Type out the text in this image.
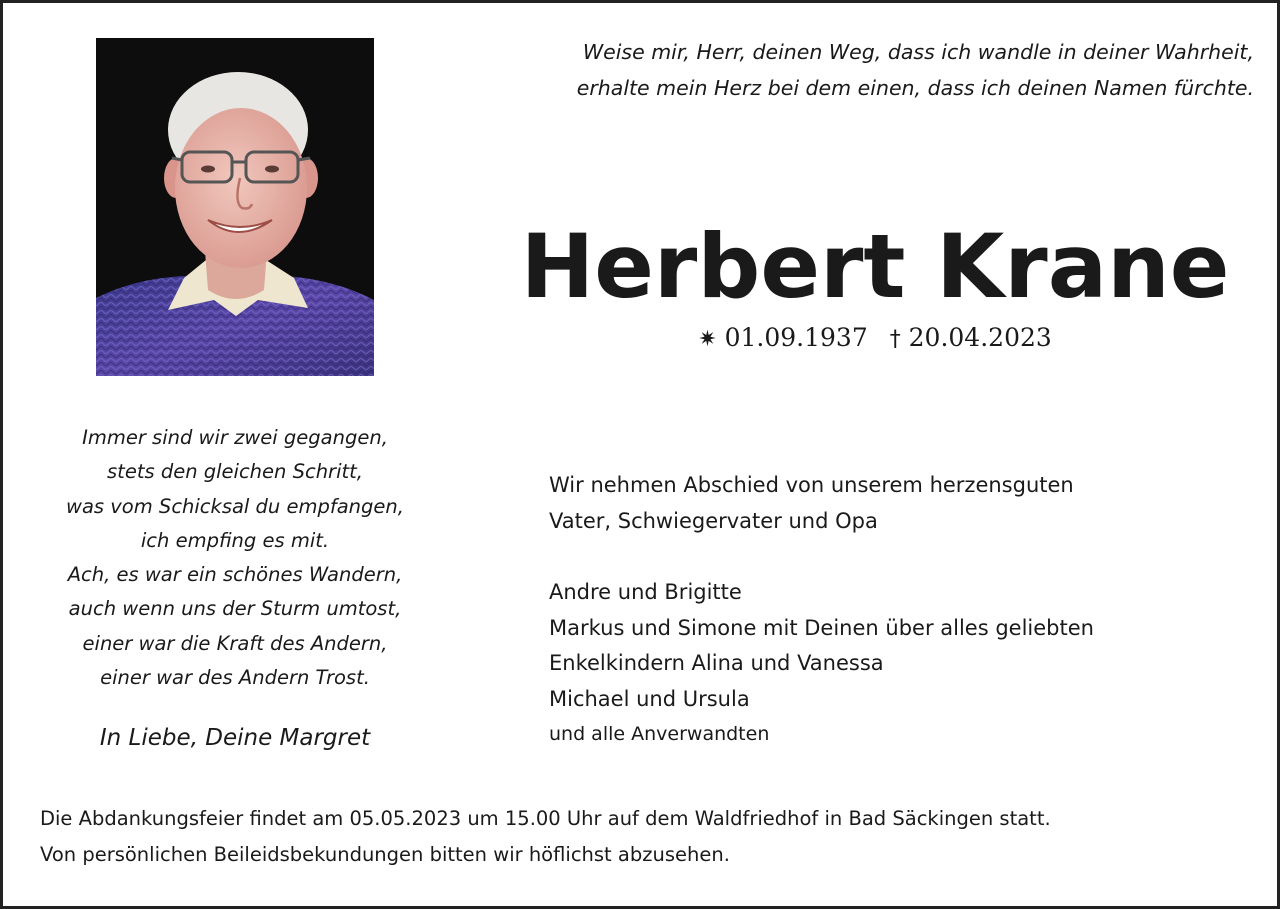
Weise mir, Herr, deinen Weg, dass ich wandle in deiner Wahrheit,
erhalte mein Herz bei dem einen, dass ich deinen Namen fürchte.
Herbert Krane
✷ 01.09.1937 † 20.04.2023
Immer sind wir zwei gegangen,
stets den gleichen Schritt,
was vom Schicksal du empfangen,
ich empfing es mit.
Ach, es war ein schönes Wandern,
auch wenn uns der Sturm umtost,
einer war die Kraft des Andern,
einer war des Andern Trost.
In Liebe, Deine Margret
Wir nehmen Abschied von unserem herzensguten
Vater, Schwiegervater und Opa
Andre und Brigitte
Markus und Simone mit Deinen über alles geliebten
Enkelkindern Alina und Vanessa
Michael und Ursula
und alle Anverwandten
Die Abdankungsfeier findet am 05.05.2023 um 15.00 Uhr auf dem Waldfriedhof in Bad Säckingen statt.
Von persönlichen Beileidsbekundungen bitten wir höflichst abzusehen.
